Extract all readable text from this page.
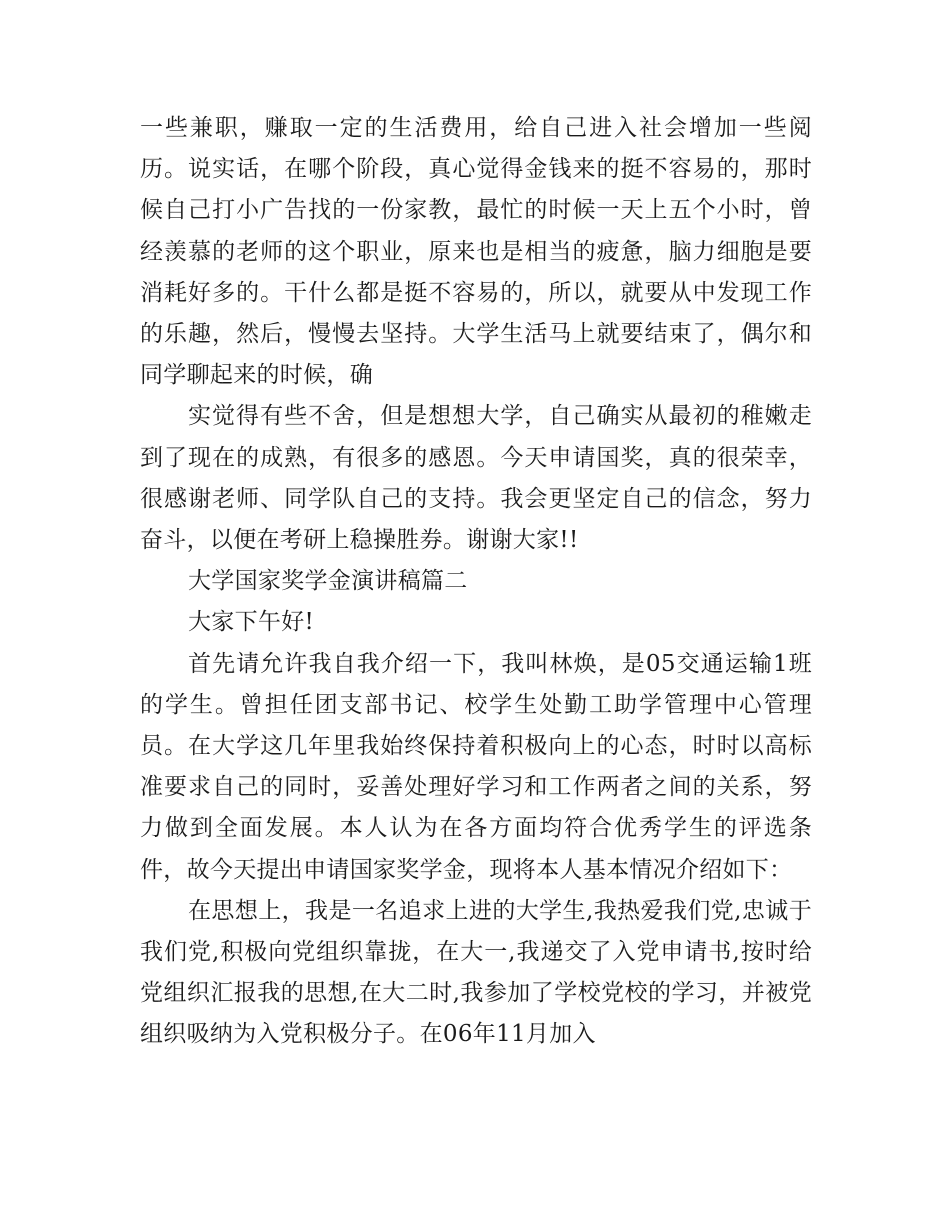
一些兼职，赚取一定的生活费用，给自己进入社会增加一些阅历。说实话，在哪个阶段，真心觉得金钱来的挺不容易的，那时候自己打小广告找的一份家教，最忙的时候一天上五个小时，曾经羡慕的老师的这个职业，原来也是相当的疲惫，脑力细胞是要消耗好多的。干什么都是挺不容易的，所以，就要从中发现工作的乐趣，然后，慢慢去坚持。大学生活马上就要结束了，偶尔和同学聊起来的时候，确

实觉得有些不舍，但是想想大学，自己确实从最初的稚嫩走到了现在的成熟，有很多的感恩。今天申请国奖，真的很荣幸，很感谢老师、同学队自己的支持。我会更坚定自己的信念，努力奋斗，以便在考研上稳操胜券。谢谢大家!!

大学国家奖学金演讲稿篇二

大家下午好!

首先请允许我自我介绍一下，我叫林焕，是05交通运输1班的学生。曾担任团支部书记、校学生处勤工助学管理中心管理员。在大学这几年里我始终保持着积极向上的心态，时时以高标准要求自己的同时，妥善处理好学习和工作两者之间的关系，努力做到全面发展。本人认为在各方面均符合优秀学生的评选条件，故今天提出申请国家奖学金，现将本人基本情况介绍如下：

在思想上，我是一名追求上进的大学生,我热爱我们党,忠诚于我们党,积极向党组织靠拢，在大一,我递交了入党申请书,按时给党组织汇报我的思想,在大二时,我参加了学校党校的学习，并被党组织吸纳为入党积极分子。在06年11月加入
